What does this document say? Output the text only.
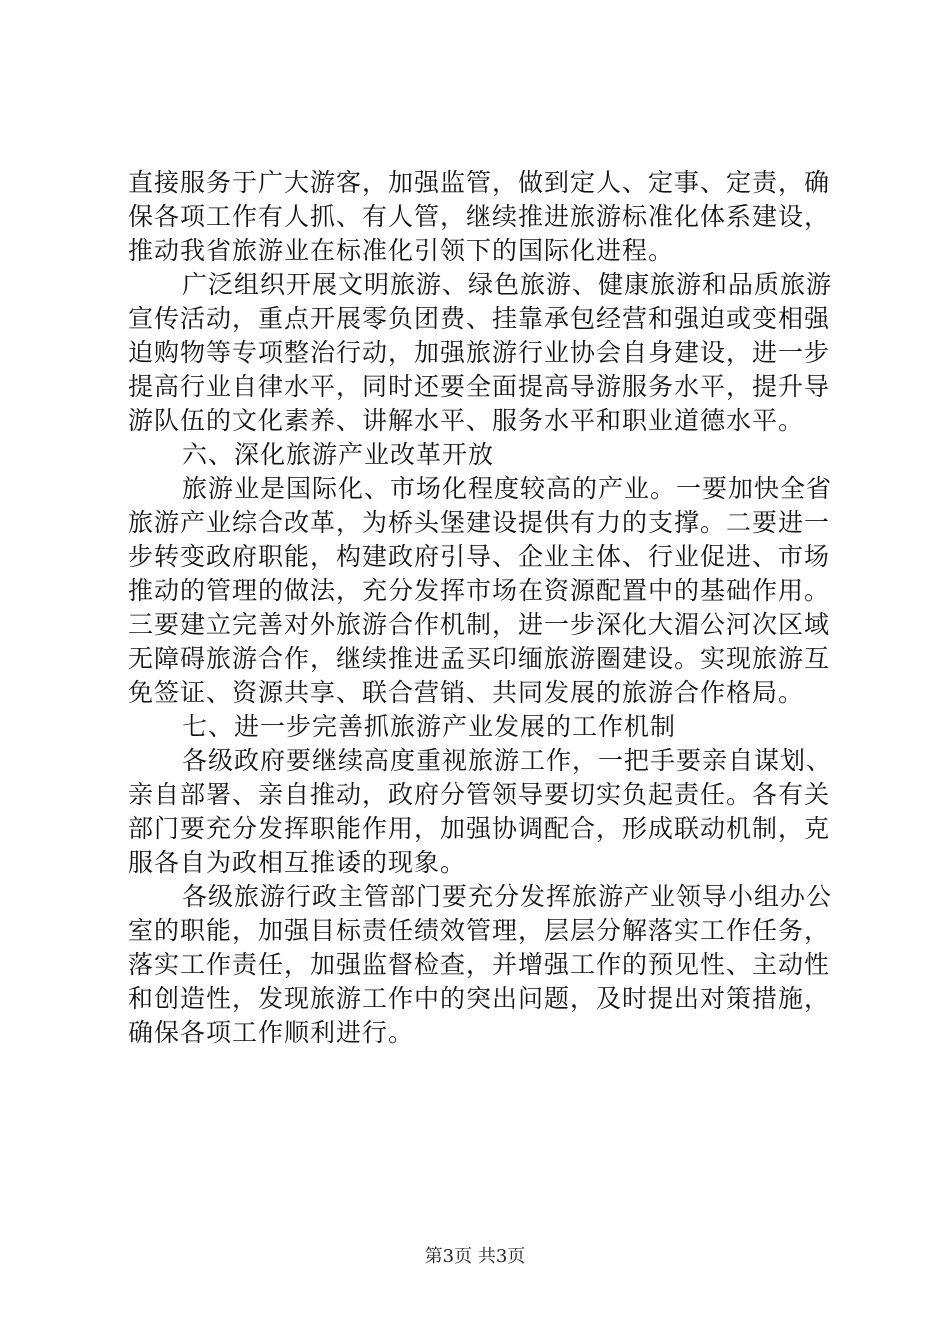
直接服务于广大游客，加强监管，做到定人、定事、定责，确
保各项工作有人抓、有人管，继续推进旅游标准化体系建设，
推动我省旅游业在标准化引领下的国际化进程。
广泛组织开展文明旅游、绿色旅游、健康旅游和品质旅游
宣传活动，重点开展零负团费、挂靠承包经营和强迫或变相强
迫购物等专项整治行动，加强旅游行业协会自身建设，进一步
提高行业自律水平，同时还要全面提高导游服务水平，提升导
游队伍的文化素养、讲解水平、服务水平和职业道德水平。
六、深化旅游产业改革开放
旅游业是国际化、市场化程度较高的产业。一要加快全省
旅游产业综合改革，为桥头堡建设提供有力的支撑。二要进一
步转变政府职能，构建政府引导、企业主体、行业促进、市场
推动的管理的做法，充分发挥市场在资源配置中的基础作用。
三要建立完善对外旅游合作机制，进一步深化大湄公河次区域
无障碍旅游合作，继续推进孟买印缅旅游圈建设。实现旅游互
免签证、资源共享、联合营销、共同发展的旅游合作格局。
七、进一步完善抓旅游产业发展的工作机制
各级政府要继续高度重视旅游工作，一把手要亲自谋划、
亲自部署、亲自推动，政府分管领导要切实负起责任。各有关
部门要充分发挥职能作用，加强协调配合，形成联动机制，克
服各自为政相互推诿的现象。
各级旅游行政主管部门要充分发挥旅游产业领导小组办公
室的职能，加强目标责任绩效管理，层层分解落实工作任务，
落实工作责任，加强监督检查，并增强工作的预见性、主动性
和创造性，发现旅游工作中的突出问题，及时提出对策措施，
确保各项工作顺利进行。
第3页 共3页
